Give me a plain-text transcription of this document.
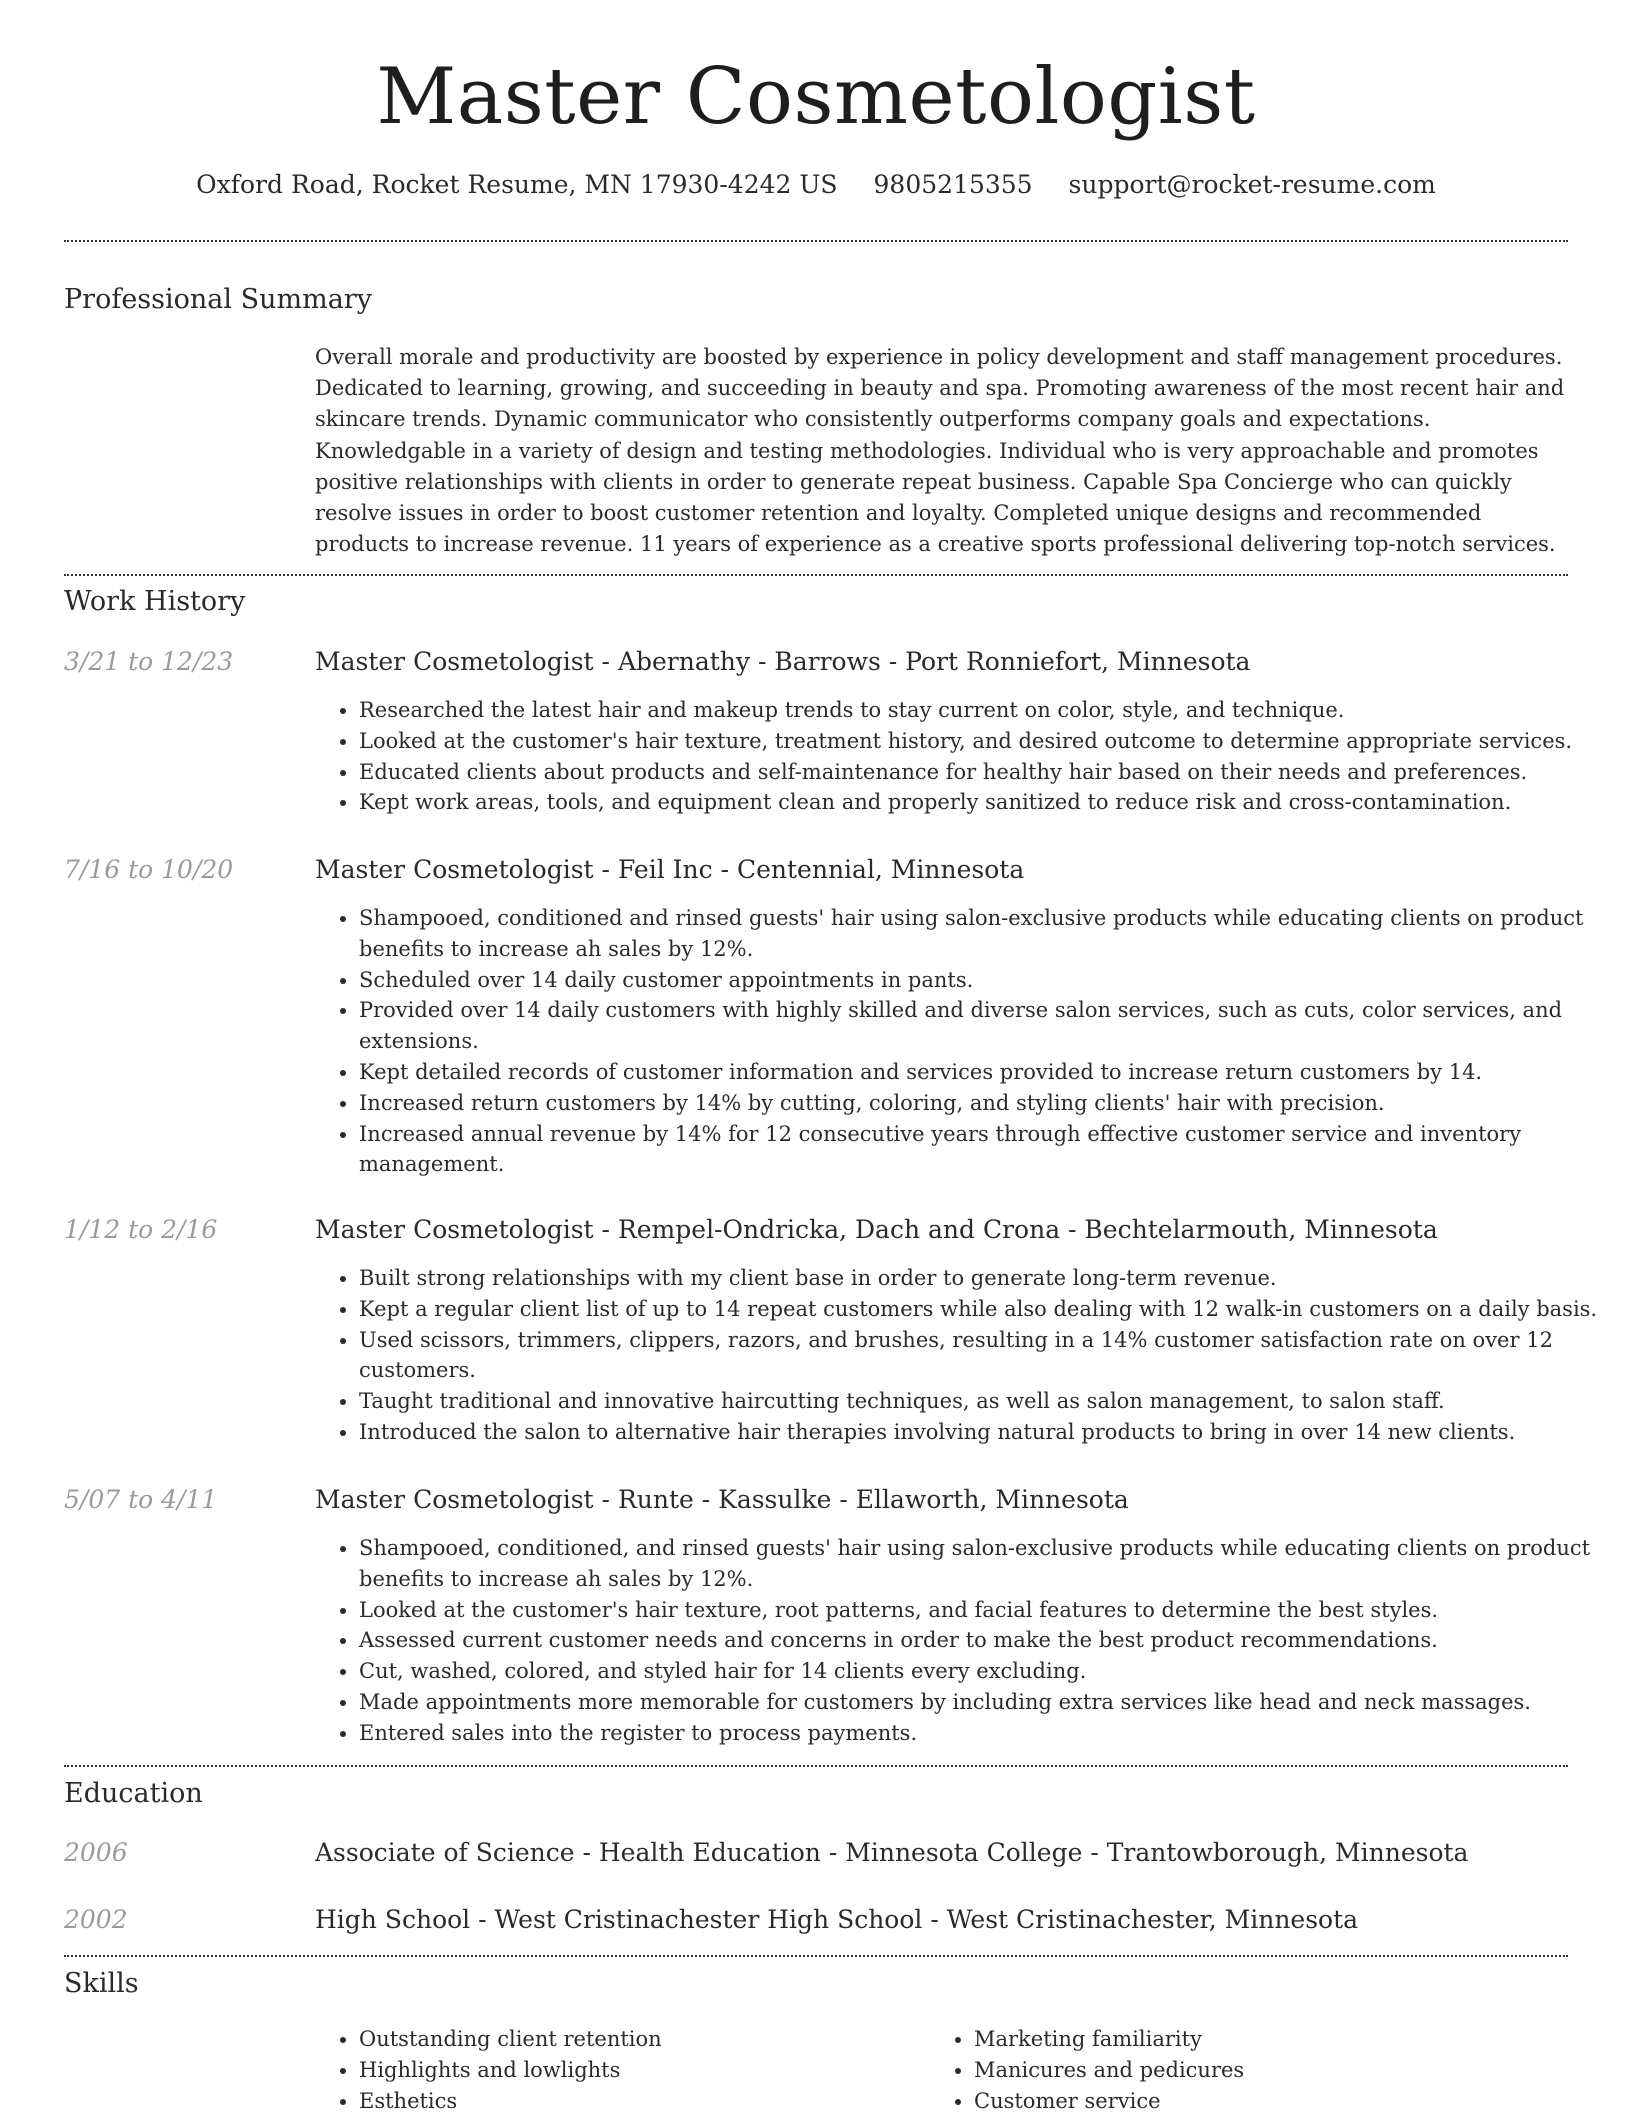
Master Cosmetologist
Oxford Road, Rocket Resume, MN 17930-4242 US 9805215355 support@rocket-resume.com
Professional Summary

Overall morale and productivity are boosted by experience in policy development and staff management procedures. Dedicated to learning, growing, and succeeding in beauty and spa. Promoting awareness of the most recent hair and skincare trends. Dynamic communicator who consistently outperforms company goals and expectations. Knowledgable in a variety of design and testing methodologies. Individual who is very approachable and promotes positive relationships with clients in order to generate repeat business. Capable Spa Concierge who can quickly resolve issues in order to boost customer retention and loyalty. Completed unique designs and recommended products to increase revenue. 11 years of experience as a creative sports professional delivering top-notch services.

Work History
3/21 to 12/23	Master Cosmetologist - Abernathy - Barrows - Port Ronniefort, Minnesota
• Researched the latest hair and makeup trends to stay current on color, style, and technique.
• Looked at the customer's hair texture, treatment history, and desired outcome to determine appropriate services.
• Educated clients about products and self-maintenance for healthy hair based on their needs and preferences.
• Kept work areas, tools, and equipment clean and properly sanitized to reduce risk and cross-contamination.
7/16 to 10/20	Master Cosmetologist - Feil Inc - Centennial, Minnesota
• Shampooed, conditioned and rinsed guests' hair using salon-exclusive products while educating clients on product benefits to increase ah sales by 12%.
• Scheduled over 14 daily customer appointments in pants.
• Provided over 14 daily customers with highly skilled and diverse salon services, such as cuts, color services, and extensions.
• Kept detailed records of customer information and services provided to increase return customers by 14.
• Increased return customers by 14% by cutting, coloring, and styling clients' hair with precision.
• Increased annual revenue by 14% for 12 consecutive years through effective customer service and inventory management.
1/12 to 2/16	Master Cosmetologist - Rempel-Ondricka, Dach and Crona - Bechtelarmouth, Minnesota
• Built strong relationships with my client base in order to generate long-term revenue.
• Kept a regular client list of up to 14 repeat customers while also dealing with 12 walk-in customers on a daily basis.
• Used scissors, trimmers, clippers, razors, and brushes, resulting in a 14% customer satisfaction rate on over 12 customers.
• Taught traditional and innovative haircutting techniques, as well as salon management, to salon staff.
• Introduced the salon to alternative hair therapies involving natural products to bring in over 14 new clients.
5/07 to 4/11	Master Cosmetologist - Runte - Kassulke - Ellaworth, Minnesota
• Shampooed, conditioned, and rinsed guests' hair using salon-exclusive products while educating clients on product benefits to increase ah sales by 12%.
• Looked at the customer's hair texture, root patterns, and facial features to determine the best styles.
• Assessed current customer needs and concerns in order to make the best product recommendations.
• Cut, washed, colored, and styled hair for 14 clients every excluding.
• Made appointments more memorable for customers by including extra services like head and neck massages.
• Entered sales into the register to process payments.
Education
2006	Associate of Science - Health Education - Minnesota College - Trantowborough, Minnesota
2002	High School - West Cristinachester High School - West Cristinachester, Minnesota
Skills
• Outstanding client retention
• Highlights and lowlights
• Esthetics
• Marketing familiarity
• Manicures and pedicures
• Customer service
